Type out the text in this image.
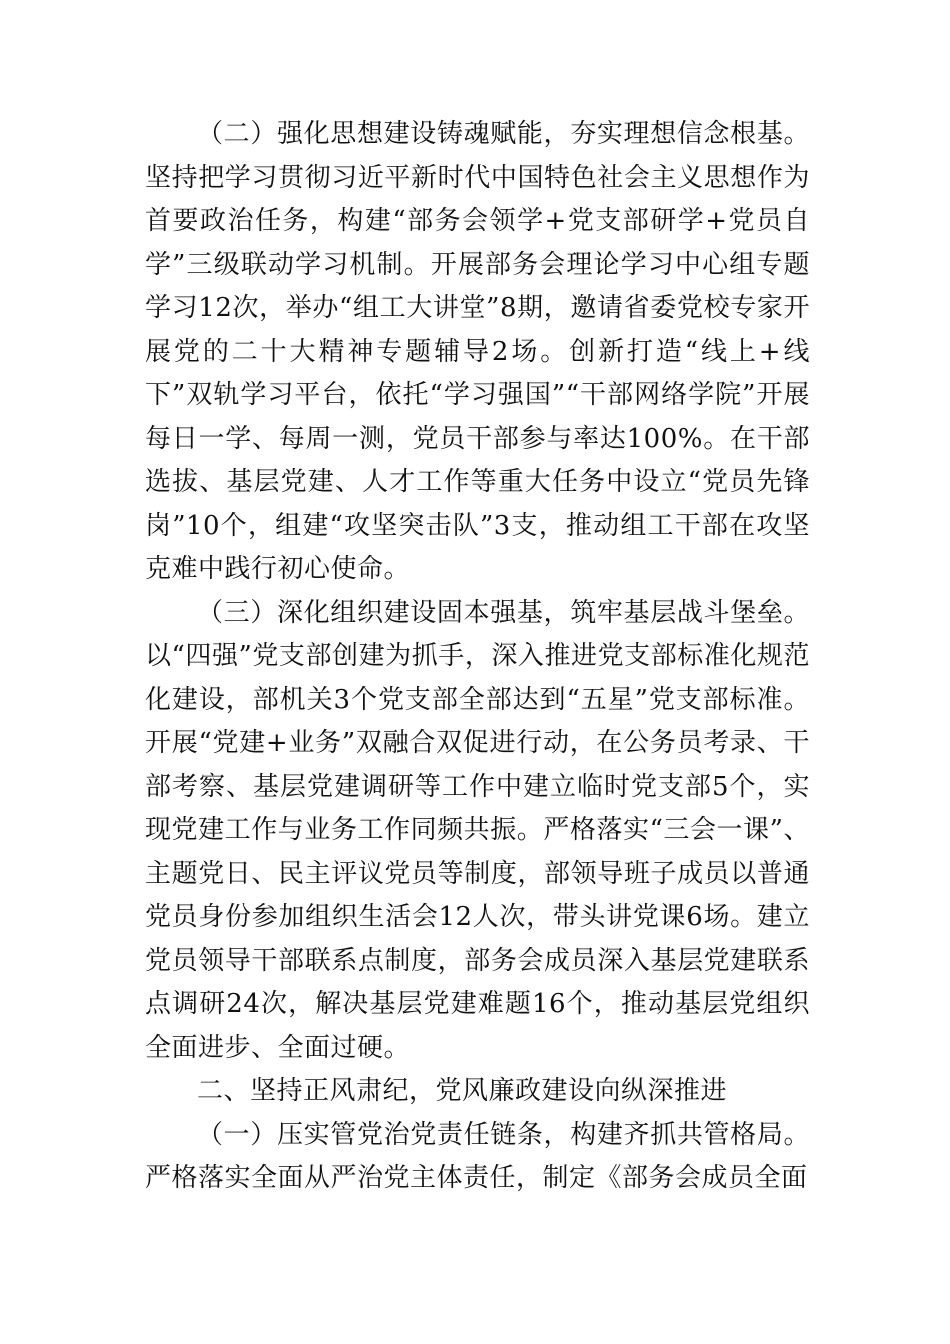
（二）强化思想建设铸魂赋能，夯实理想信念根基。坚持把学习贯彻习近平新时代中国特色社会主义思想作为首要政治任务，构建“部务会领学+党支部研学+党员自学”三级联动学习机制。开展部务会理论学习中心组专题学习12次，举办“组工大讲堂”8期，邀请省委党校专家开展党的二十大精神专题辅导2场。创新打造“线上+线下”双轨学习平台，依托“学习强国”“干部网络学院”开展每日一学、每周一测，党员干部参与率达100%。在干部选拔、基层党建、人才工作等重大任务中设立“党员先锋岗”10个，组建“攻坚突击队”3支，推动组工干部在攻坚克难中践行初心使命。

（三）深化组织建设固本强基，筑牢基层战斗堡垒。以“四强”党支部创建为抓手，深入推进党支部标准化规范化建设，部机关3个党支部全部达到“五星”党支部标准。开展“党建+业务”双融合双促进行动，在公务员考录、干部考察、基层党建调研等工作中建立临时党支部5个，实现党建工作与业务工作同频共振。严格落实“三会一课”、主题党日、民主评议党员等制度，部领导班子成员以普通党员身份参加组织生活会12人次，带头讲党课6场。建立党员领导干部联系点制度，部务会成员深入基层党建联系点调研24次，解决基层党建难题16个，推动基层党组织全面进步、全面过硬。

二、坚持正风肃纪，党风廉政建设向纵深推进

（一）压实管党治党责任链条，构建齐抓共管格局。严格落实全面从严治党主体责任，制定《部务会成员全面
